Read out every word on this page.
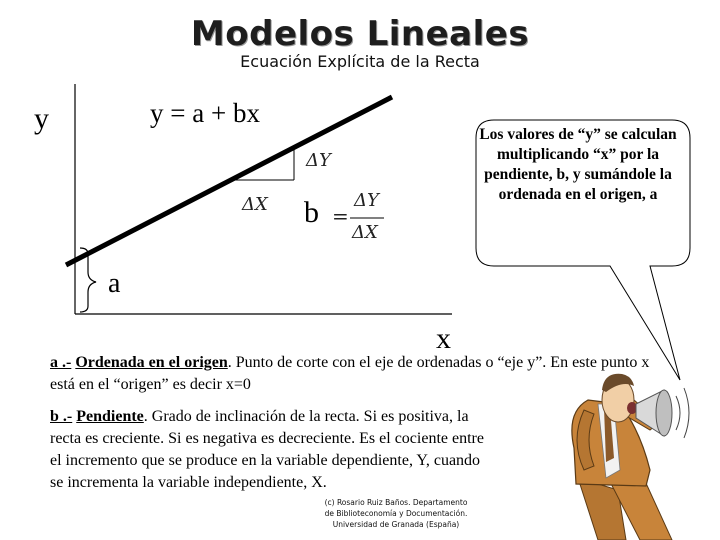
Modelos Lineales
Ecuación Explícita de la Recta
y	y = a + bx
x
a
ΔY
ΔX b =
ΔY
ΔX
Los valores de “y” se calculan multiplicando “x” por la pendiente, b, y sumándole la ordenada en el origen, a
a .- Ordenada en el origen. Punto de corte con el eje de ordenadas o “eje y”. En este punto x está en el “origen” es decir x=0
b .- Pendiente. Grado de inclinación de la recta. Si es positiva, la recta es creciente. Si es negativa es decreciente. Es el cociente entre el incremento que se produce en la variable dependiente, Y, cuando se incrementa la variable independiente, X.
(c) Rosario Ruiz Baños. Departamento
de Biblioteconomía y Documentación.
Universidad de Granada (España)
